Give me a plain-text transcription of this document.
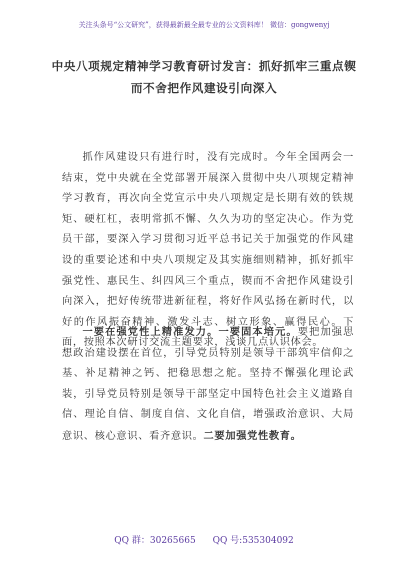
关注头条号“公文研究”，获得最新最全最专业的公文资料库！ 微信：gongwenyj
中央八项规定精神学习教育研讨发言：抓好抓牢三重点锲
而不舍把作风建设引向深入
抓作风建设只有进行时，没有完成时。今年全国两会一结束，党中央就在全党部署开展深入贯彻中央八项规定精神学习教育，再次向全党宣示中央八项规定是长期有效的铁规矩、硬杠杠，表明常抓不懈、久久为功的坚定决心。作为党员干部，要深入学习贯彻习近平总书记关于加强党的作风建设的重要论述和中央八项规定及其实施细则精神，抓好抓牢强党性、惠民生、纠四风三个重点，锲而不舍把作风建设引向深入，把好传统带进新征程，将好作风弘扬在新时代，以好的作风振奋精神、激发斗志、树立形象、赢得民心。下面，按照本次研讨交流主题要求，浅谈几点认识体会。
一要在强党性上精准发力。一要固本培元。要把加强思想政治建设摆在首位，引导党员特别是领导干部筑牢信仰之基、补足精神之钙、把稳思想之舵。坚持不懈强化理论武装，引导党员特别是领导干部坚定中国特色社会主义道路自信、理论自信、制度自信、文化自信，增强政治意识、大局意识、核心意识、看齐意识。二要加强党性教育。
QQ 群：30265665 QQ 号:535304092
